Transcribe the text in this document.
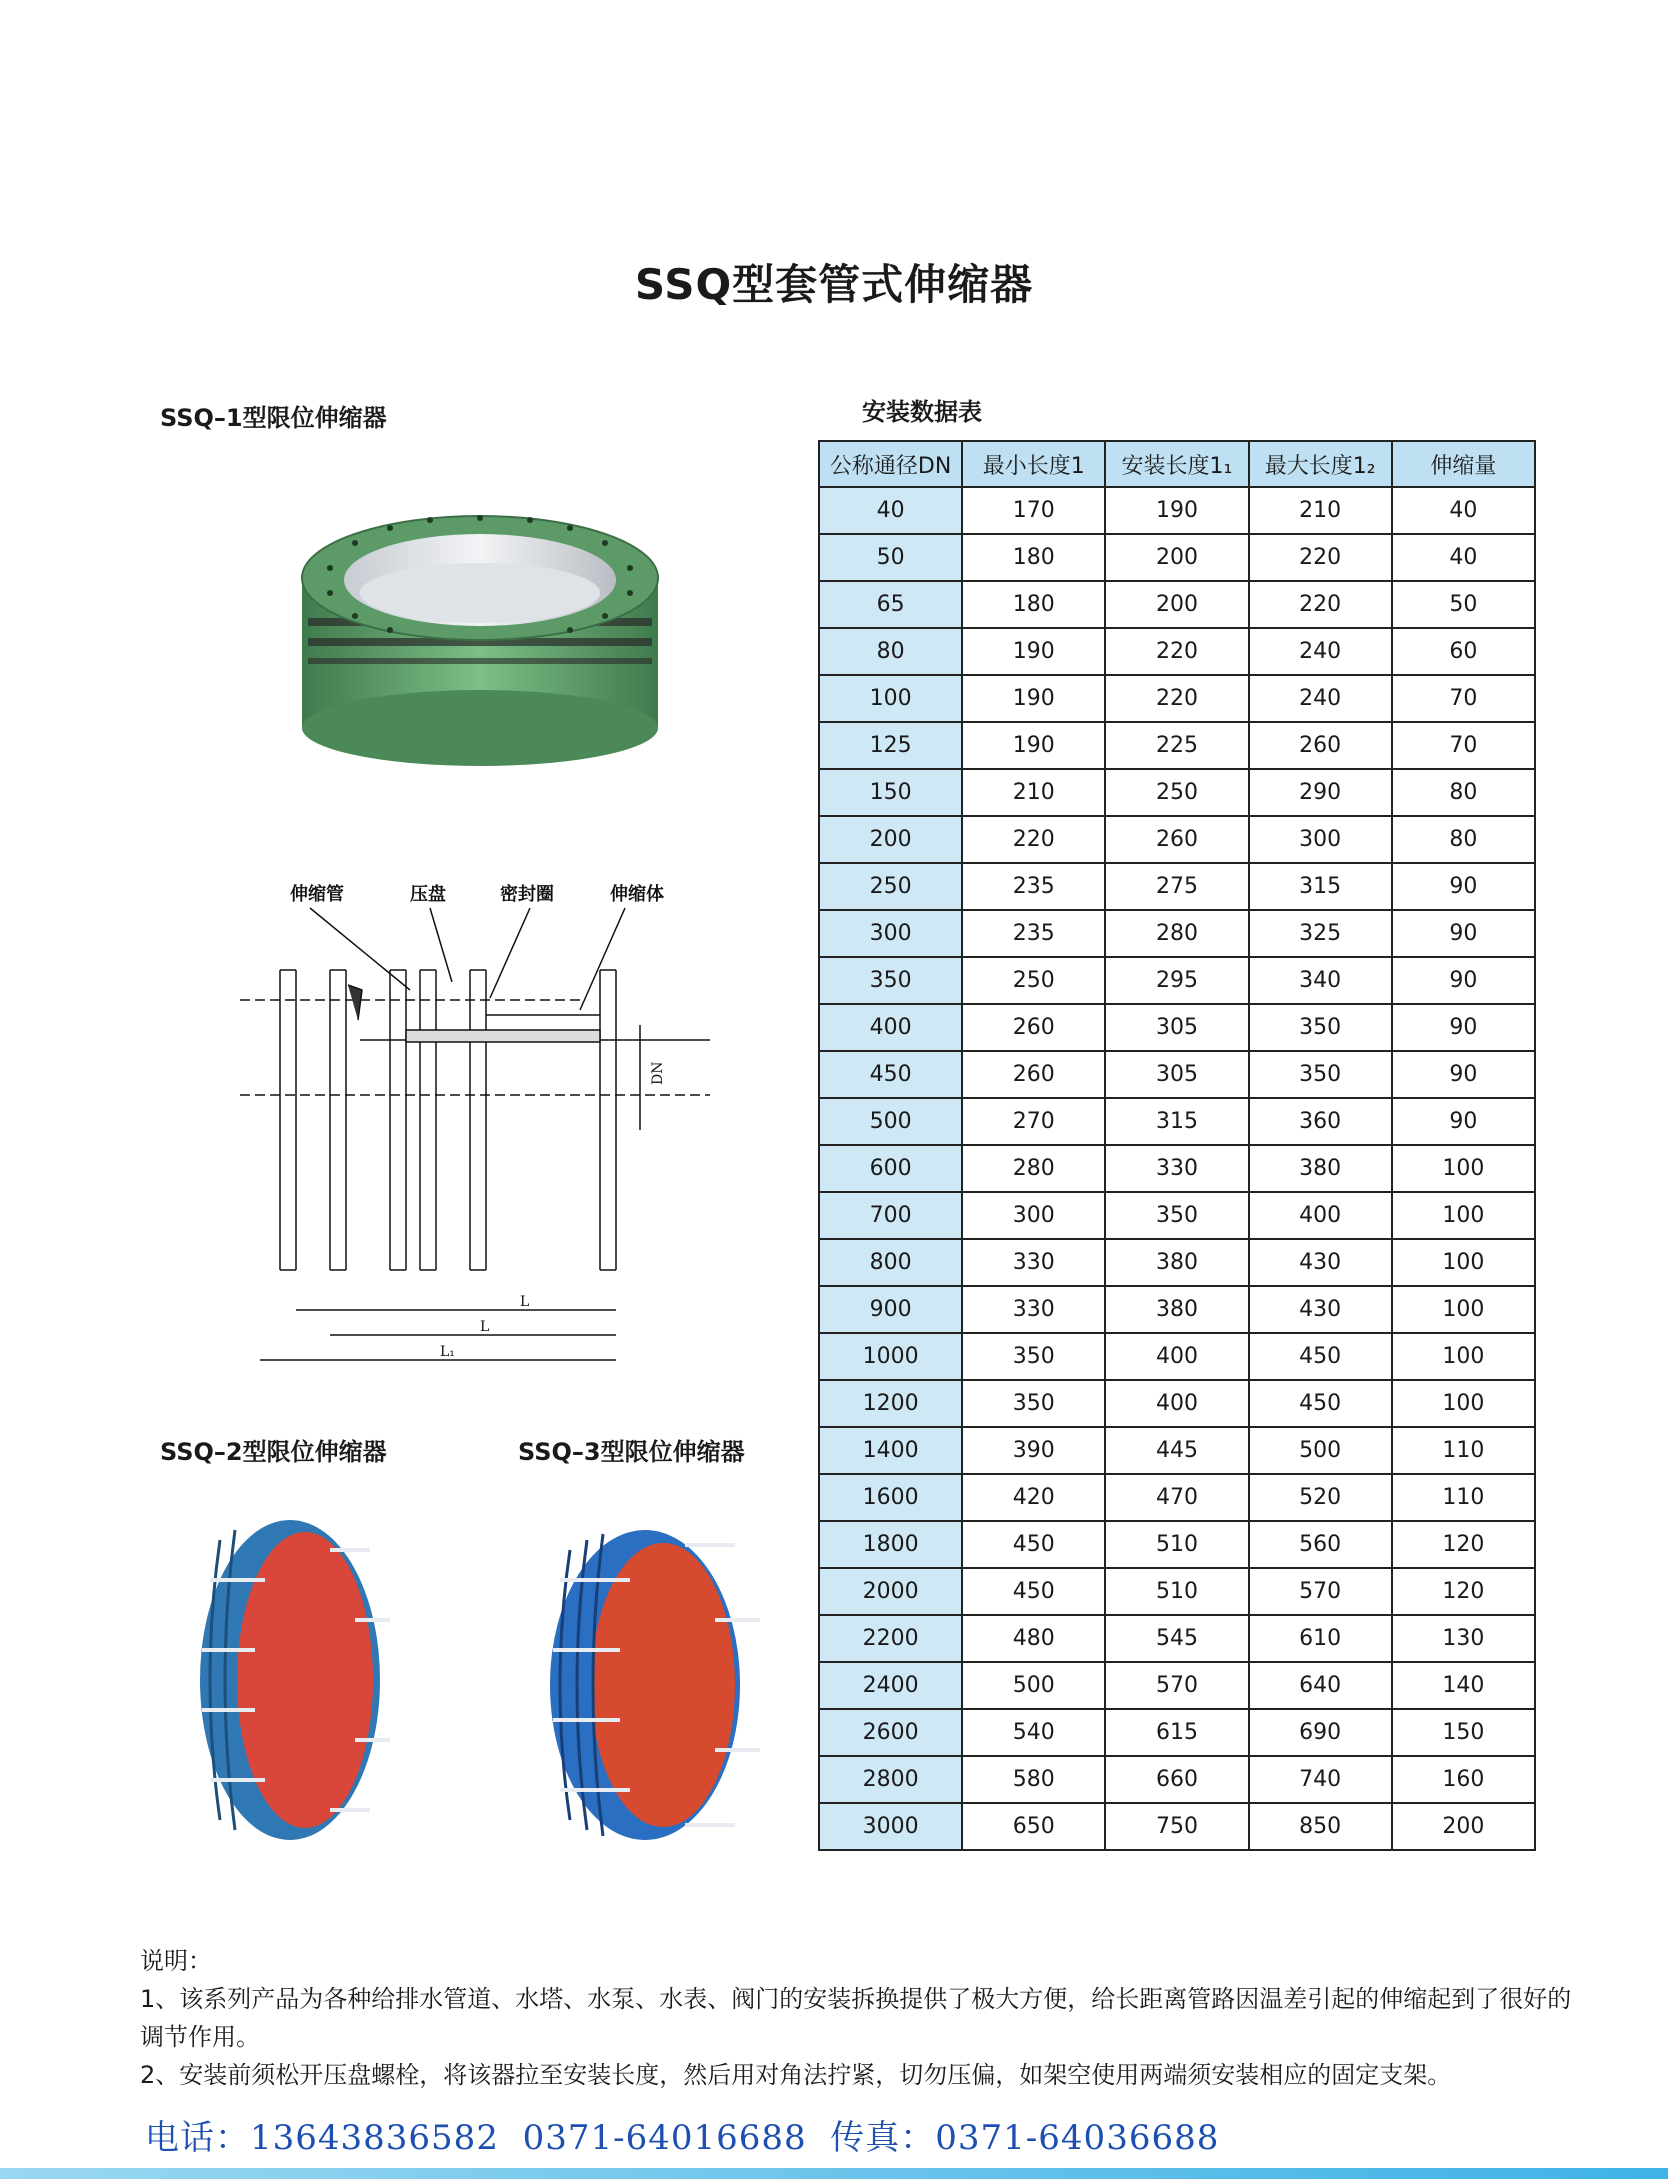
SSQ型套管式伸缩器
SSQ–1型限位伸缩器	安装数据表
伸缩管	压盘	密封圈	伸缩体
DN
L
L
L₁
SSQ–2型限位伸缩器	SSQ–3型限位伸缩器
公称通径DN	最小长度1	安装长度1₁	最大长度1₂	伸缩量
40	170	190	210	40
50	180	200	220	40
65	180	200	220	50
80	190	220	240	60
100	190	220	240	70
125	190	225	260	70
150	210	250	290	80
200	220	260	300	80
250	235	275	315	90
300	235	280	325	90
350	250	295	340	90
400	260	305	350	90
450	260	305	350	90
500	270	315	360	90
600	280	330	380	100
700	300	350	400	100
800	330	380	430	100
900	330	380	430	100
1000	350	400	450	100
1200	350	400	450	100
1400	390	445	500	110
1600	420	470	520	110
1800	450	510	560	120
2000	450	510	570	120
2200	480	545	610	130
2400	500	570	640	140
2600	540	615	690	150
2800	580	660	740	160
3000	650	750	850	200
说明：
1、该系列产品为各种给排水管道、水塔、水泵、水表、阀门的安装拆换提供了极大方便，给长距离管路因温差引起的伸缩起到了很好的调节作用。
2、安装前须松开压盘螺栓，将该器拉至安装长度，然后用对角法拧紧，切勿压偏，如架空使用两端须安装相应的固定支架。
电话：13643836582 0371-64016688 传真：0371-64036688
